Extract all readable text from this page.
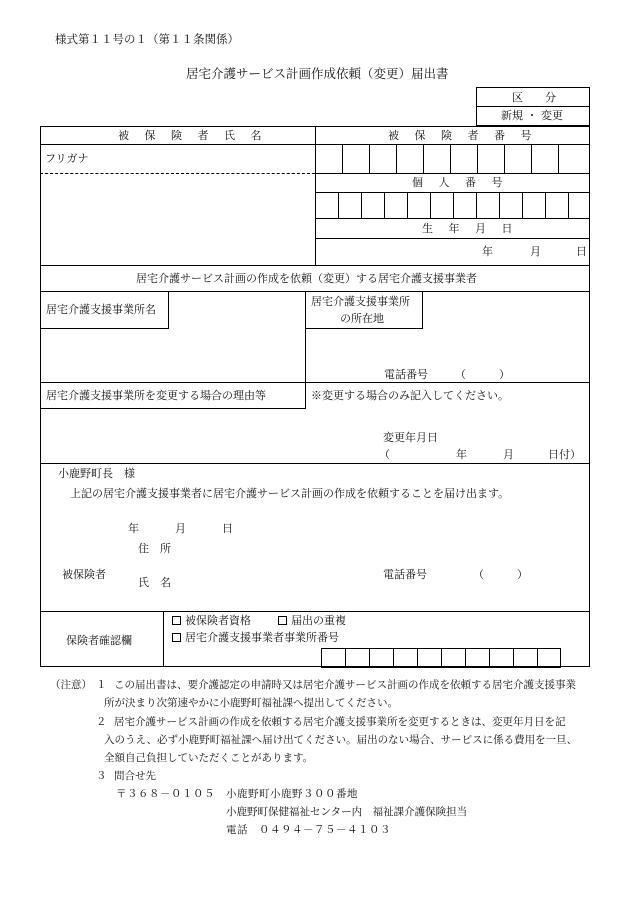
様式第１１号の１（第１１条関係）
居宅介護サービス計画作成依頼（変更）届出書
区　　分
新規 ・ 変更
被 保 険 者 氏 名	被 保 険 者 番 号
フリガナ
個 人 番 号
生 年 月 日
年	月	日
居宅介護サービス計画の作成を依頼（変更）する居宅介護支援事業者
居宅介護支援事業所名
居宅介護支援事業所
の所在地
電話番号 （　　　）
居宅介護支援事業所を変更する場合の理由等	※変更する場合のみ記入してください。
変更年月日
（	年	月	日付）
小鹿野町長　様
上記の居宅介護支援事業者に居宅介護サービス計画の作成を依頼することを届け出ます。
年	月	日
住　所
被保険者
氏　名
電話番号	（　　　）
保険者確認欄
被保険者資格	届出の重複
居宅介護支援事業者事業所番号
（注意） １ この届出書は、要介護認定の申請時又は居宅介護サービス計画の作成を依頼する居宅介護支援事業
所が決まり次第速やかに小鹿野町福祉課へ提出してください。
２ 居宅介護サービス計画の作成を依頼する居宅介護支援事業所を変更するときは、変更年月日を記
入のうえ、必ず小鹿野町福祉課へ届け出てください。届出のない場合、サービスに係る費用を一旦、
全額自己負担していただくことがあります。
３ 問合せ先
〒３６８－０１０５　小鹿野町小鹿野３００番地
小鹿野町保健福祉センター内　福祉課介護保険担当
電話　０４９４－７５－４１０３
